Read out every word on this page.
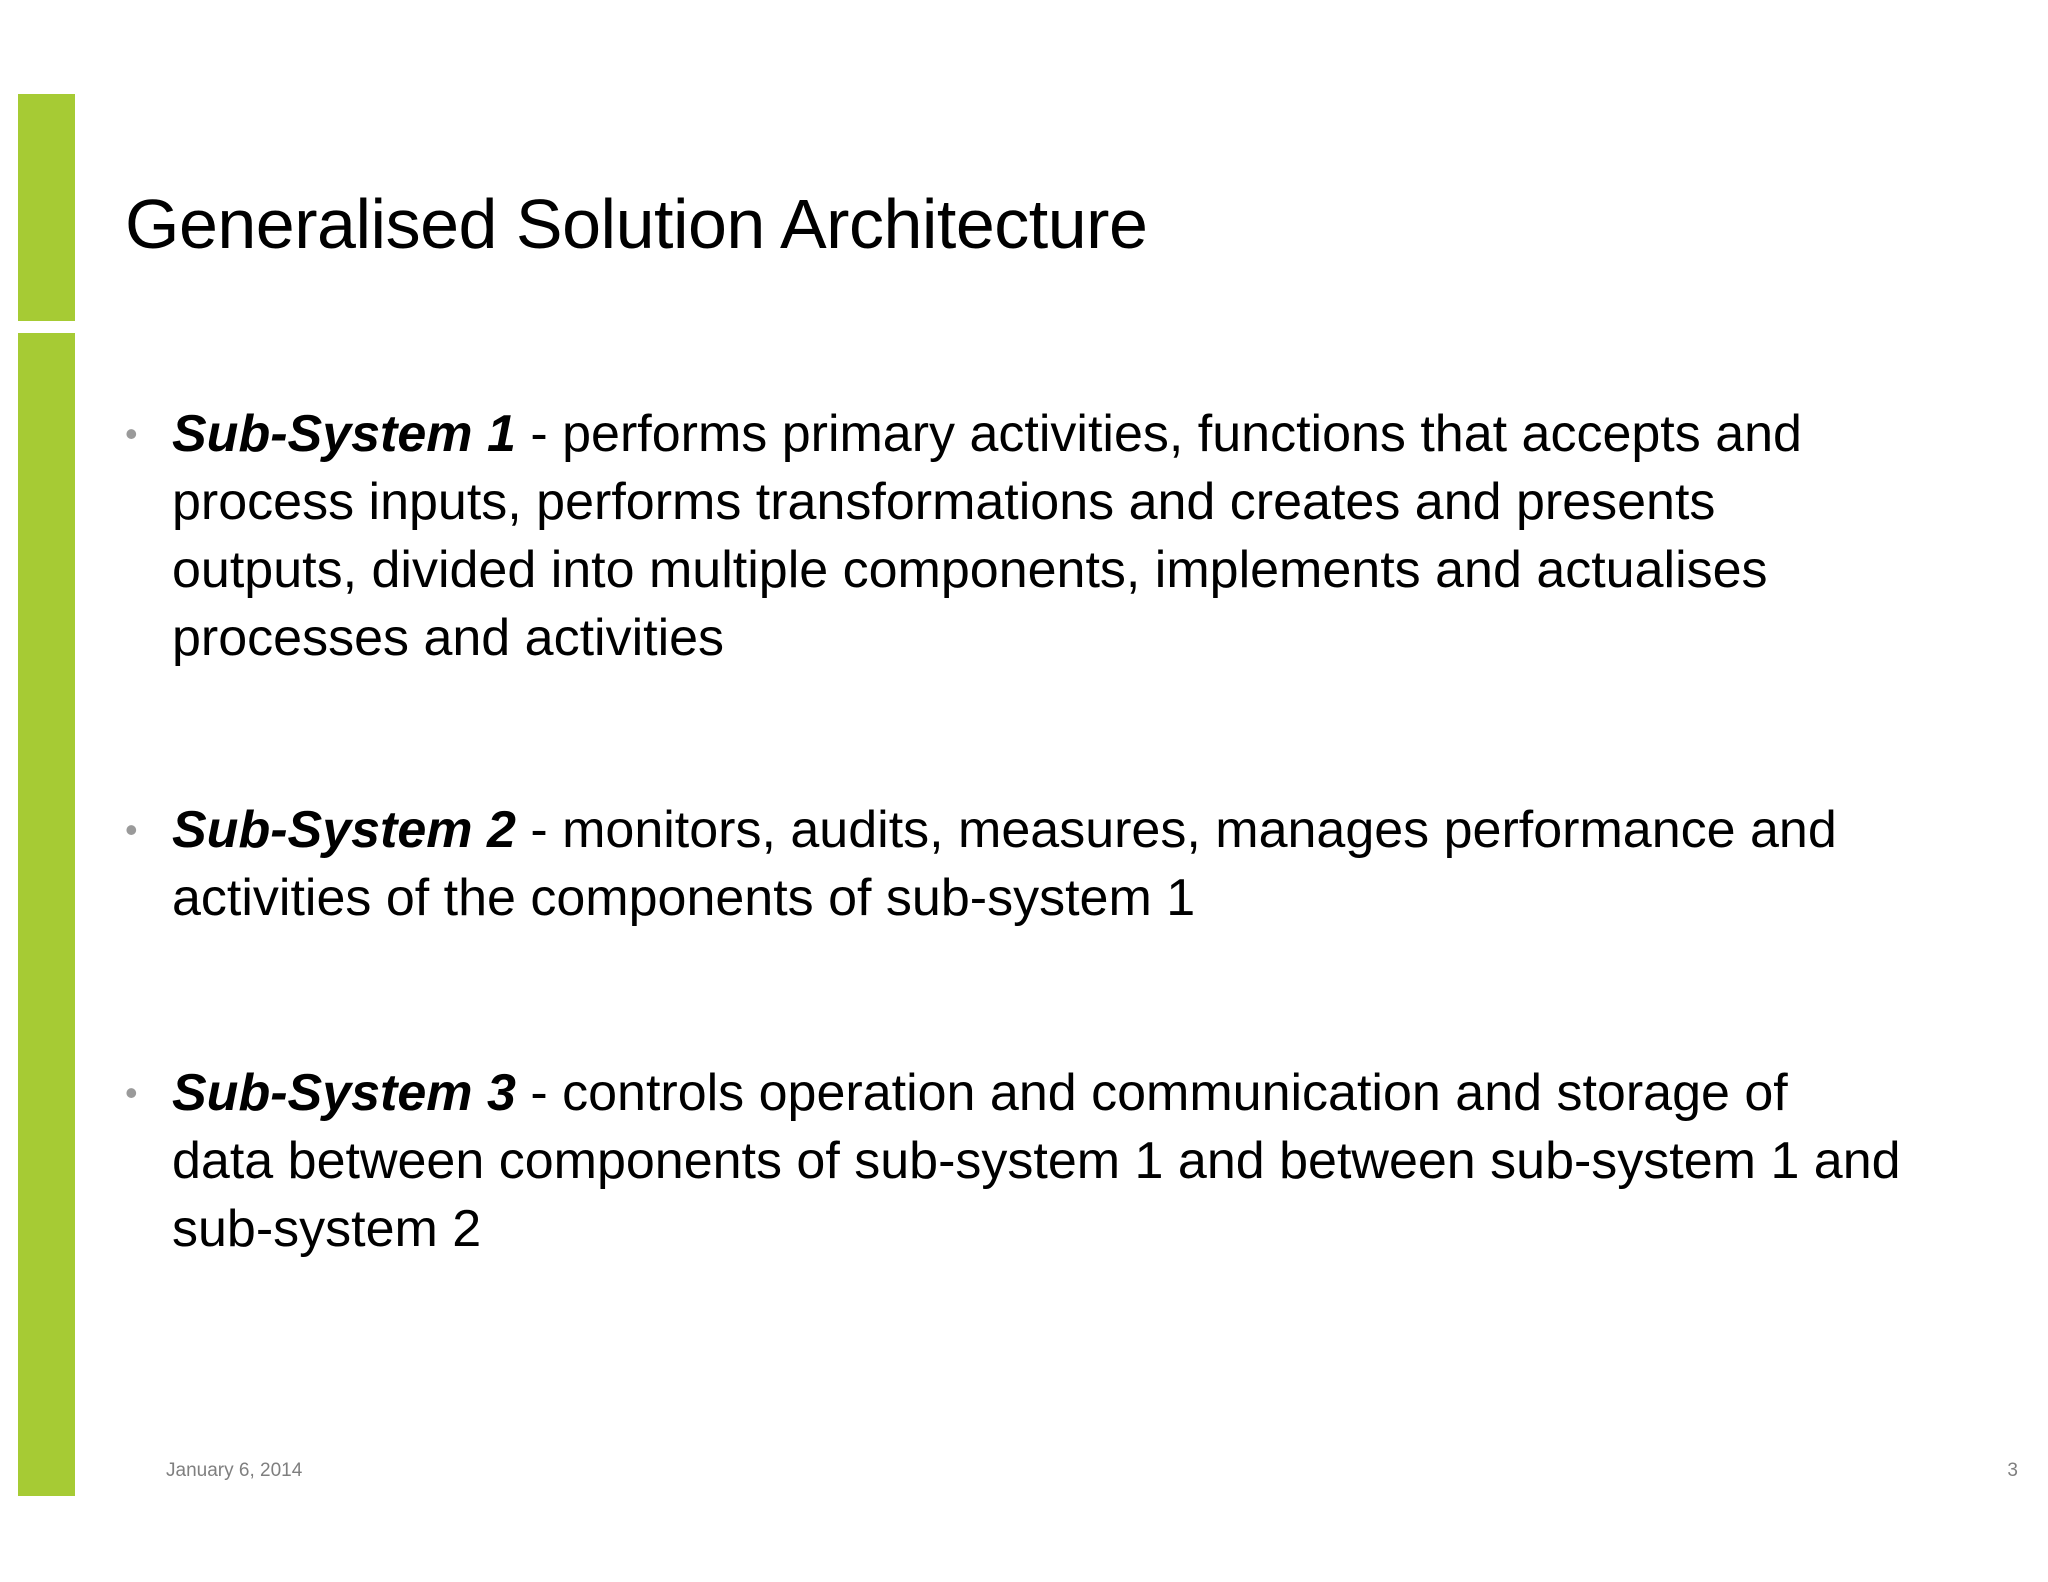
Generalised Solution Architecture
• Sub-System 1 - performs primary activities, functions that accepts and process inputs, performs transformations and creates and presents outputs, divided into multiple components, implements and actualises processes and activities
• Sub-System 2 - monitors, audits, measures, manages performance and activities of the components of sub-system 1
• Sub-System 3 - controls operation and communication and storage of data between components of sub-system 1 and between sub-system 1 and sub-system 2
January 6, 2014	3
